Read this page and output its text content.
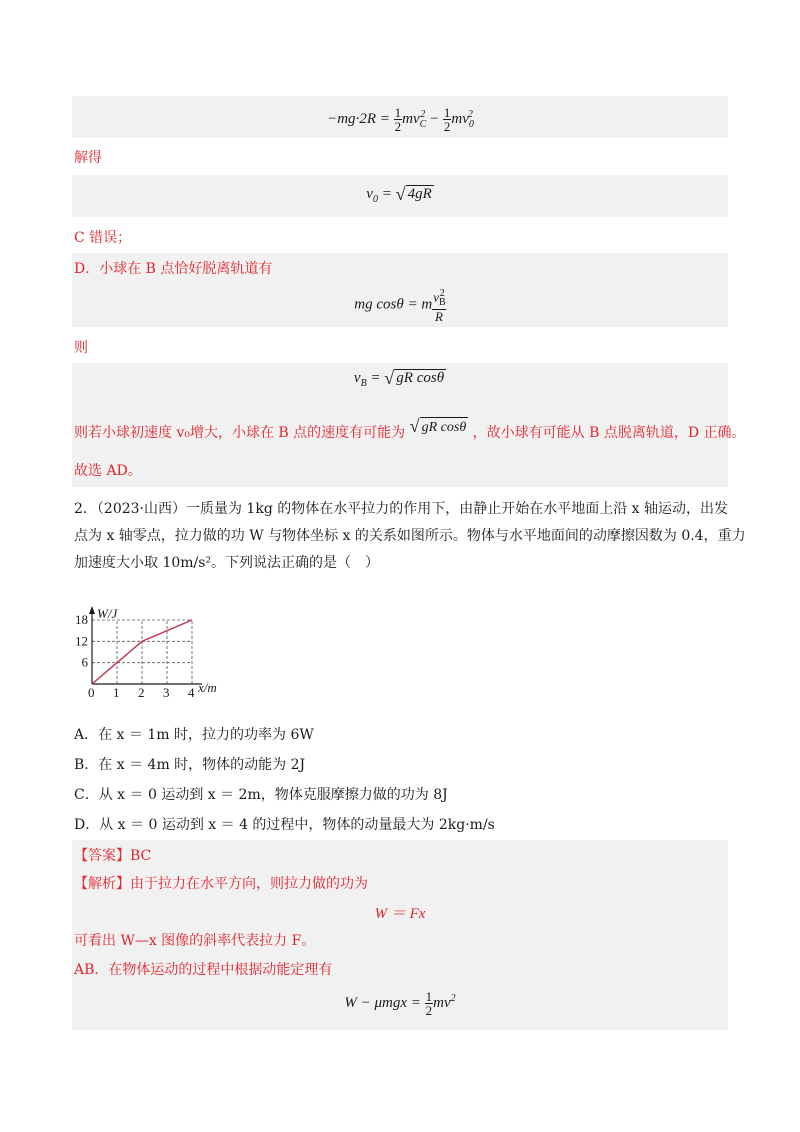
$-mg\cdot 2R = \frac{1}{2} mv_C^2 - \frac{1}{2} mv_0^2$
解得
$v_0$ = √ 4gR
C 错误；
D．小球在 B 点恰好脱离轨道有
mg cosθ = m $\frac{v_B^2}{R}$
则
$v_B$ = √ gR cosθ
则若小球初速度 v₀增大，小球在 B 点的速度有可能为 √ gR cosθ ，故小球有可能从 B 点脱离轨道，D 正确。
故选 AD。
2．（2023·山西）一质量为 1kg 的物体在水平拉力的作用下，由静止开始在水平地面上沿 x 轴运动，出发
点为 x 轴零点，拉力做的功 W 与物体坐标 x 的关系如图所示。物体与水平地面间的动摩擦因数为 0.4，重力
加速度大小取 10m/s²。下列说法正确的是（　）
0 1 2 3 4
6
12
18 W/J
x/m
A．在 x ＝ 1m 时，拉力的功率为 6W
B．在 x ＝ 4m 时，物体的动能为 2J
C．从 x ＝ 0 运动到 x ＝ 2m，物体克服摩擦力做的功为 8J
D．从 x ＝ 0 运动到 x ＝ 4 的过程中，物体的动量最大为 2kg·m/s
【答案】BC
【解析】由于拉力在水平方向，则拉力做的功为
W ＝ Fx
可看出 W—x 图像的斜率代表拉力 F。
AB．在物体运动的过程中根据动能定理有
$W - \mu mgx = \frac{1}{2} mv^2$
